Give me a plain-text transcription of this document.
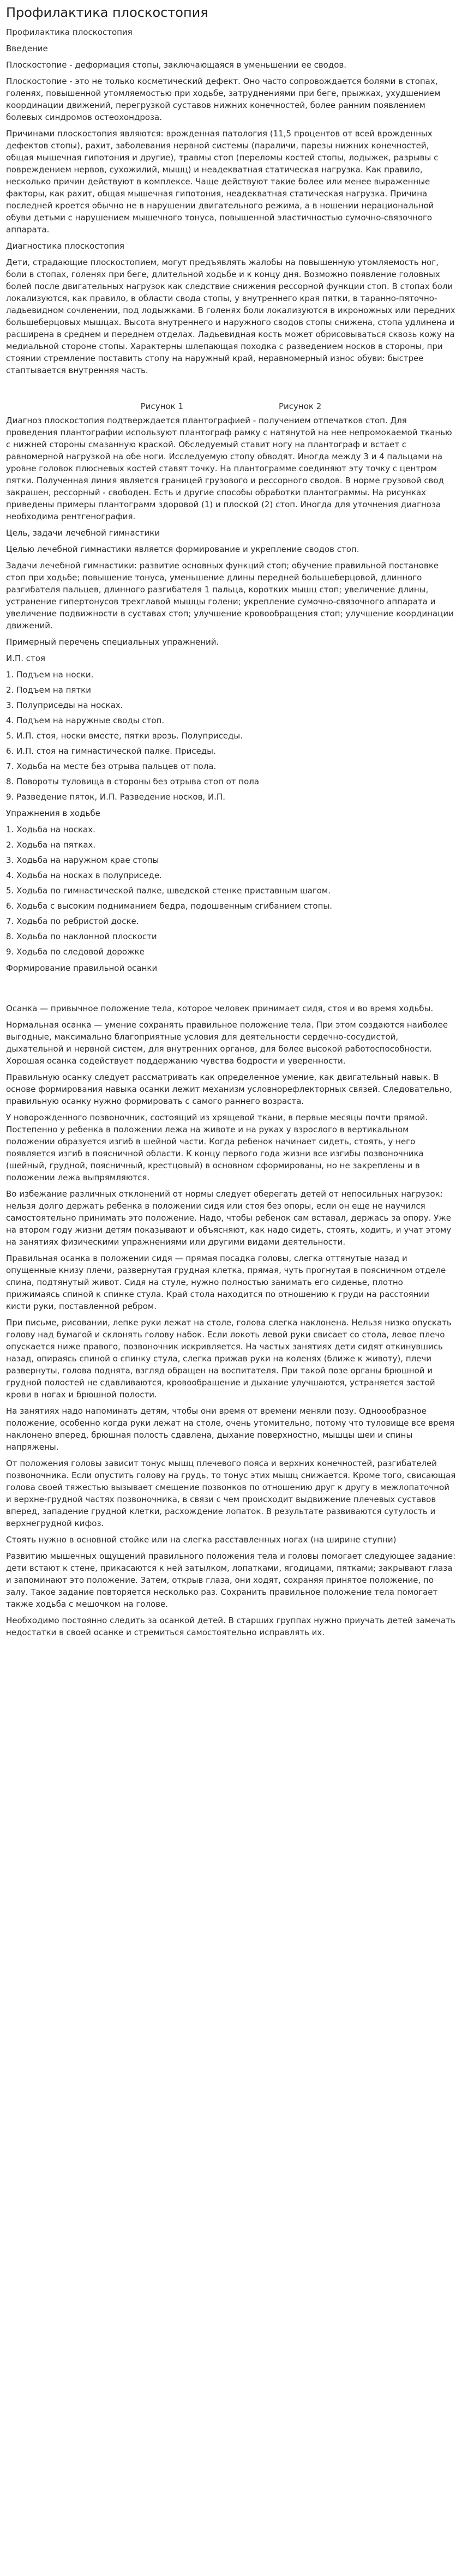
Профилактика плоскостопия

Профилактика плоскостопия

Введение

Плоскостопие - деформация стопы, заключающаяся в уменьшении ее сводов.

Плоскостопие - это не только косметический дефект. Оно часто сопровождается болями в стопах, голенях, повышенной утомляемостью при ходьбе, затруднениями при беге, прыжках, ухудшением координации движений, перегрузкой суставов нижних конечностей, более ранним появлением болевых синдромов остеохондроза.

Причинами плоскостопия являются: врожденная патология (11,5 процентов от всей врожденных дефектов стопы), рахит, заболевания нервной системы (параличи, парезы нижних конечностей, общая мышечная гипотония и другие), травмы стоп (переломы костей стопы, лодыжек, разрывы с повреждением нервов, сухожилий, мышц) и неадекватная статическая нагрузка. Как правило, несколько причин действуют в комплексе. Чаще действуют такие более или менее выраженные факторы, как рахит, общая мышечная гипотония, неадекватная статическая нагрузка. Причина последней кроется обычно не в нарушении двигательного режима, а в ношении нерациональной обуви детьми с нарушением мышечного тонуса, повышенной эластичностью сумочно-связочного аппарата.

Диагностика плоскостопия

Дети, страдающие плоскостопием, могут предъявлять жалобы на повышенную утомляемость ног, боли в стопах, голенях при беге, длительной ходьбе и к концу дня. Возможно появление головных болей после двигательных нагрузок как следствие снижения рессорной функции стоп. В стопах боли локализуются, как правило, в области свода стопы, у внутреннего края пятки, в таранно-пяточно-ладьевидном сочленении, под лодыжками. В голенях боли локализуются в икроножных или передних большеберцовых мышцах. Высота внутреннего и наружного сводов стопы снижена, стопа удлинена и расширена в среднем и переднем отделах. Ладьевидная кость может обрисовываться сквозь кожу на медиальной стороне стопы. Характерны шлепающая походка с разведением носков в стороны, при стоянии стремление поставить стопу на наружный край, неравномерный износ обуви: быстрее стаптывается внутренняя часть.

Рисунок 1	Рисунок 2

Диагноз плоскостопия подтверждается плантографией - получением отпечатков стоп. Для проведения плантографии используют плантограф рамку с натянутой на нее непромокаемой тканью с нижней стороны смазанную краской. Обследуемый ставит ногу на плантограф и встает с равномерной нагрузкой на обе ноги. Исследуемую стопу обводят. Иногда между 3 и 4 пальцами на уровне головок плюсневых костей ставят точку. На плантограмме соединяют эту точку с центром пятки. Полученная линия является границей грузового и рессорного сводов. В норме грузовой свод закрашен, рессорный - свободен. Есть и другие способы обработки плантограммы. На рисунках приведены примеры плантограмм здоровой (1) и плоской (2) стоп. Иногда для уточнения диагноза необходима рентгенография.

Цель, задачи лечебной гимнастики

Целью лечебной гимнастики является формирование и укрепление сводов стоп.

Задачи лечебной гимнастики: развитие основных функций стоп; обучение правильной постановке стоп при ходьбе; повышение тонуса, уменьшение длины передней большеберцовой, длинного разгибателя пальцев, длинного разгибателя 1 пальца, коротких мышц стоп; увеличение длины, устранение гипертонусов трехглавой мышцы голени; укрепление сумочно-связочного аппарата и увеличение подвижности в суставах стоп; улучшение кровообращения стоп; улучшение координации движений.

Примерный перечень специальных упражнений.

И.П. стоя

1. Подъем на носки.
2. Подъем на пятки
3. Полуприседы на носках.
4. Подъем на наружные своды стоп.
5. И.П. стоя, носки вместе, пятки врозь. Полуприседы.
6. И.П. стоя на гимнастической палке. Приседы.
7. Ходьба на месте без отрыва пальцев от пола.
8. Повороты туловища в стороны без отрыва стоп от пола
9. Разведение пяток, И.П. Разведение носков, И.П.

Упражнения в ходьбе

1. Ходьба на носках.
2. Ходьба на пятках.
3. Ходьба на наружном крае стопы
4. Ходьба на носках в полуприседе.
5. Ходьба по гимнастической палке, шведской стенке приставным шагом.
6. Ходьба с высоким подниманием бедра, подошвенным сгибанием стопы.
7. Ходьба по ребристой доске.
8. Ходьба по наклонной плоскости
9. Ходьба по следовой дорожке

Формирование правильной осанки

Осанка — привычное положение тела, которое человек принимает сидя, стоя и во время ходьбы.

Нормальная осанка — умение сохранять правильное положение тела. При этом создаются наиболее выгодные, максимально благоприятные условия для деятельности сердечно-сосудистой, дыхательной и нервной систем, для внутренних органов, для более высокой работоспособности. Хорошая осанка содействует поддержанию чувства бодрости и уверенности.

Правильную осанку следует рассматривать как определенное умение, как двигательный навык. В основе формирования навыка осанки лежит механизм условнорефлекторных связей. Следовательно, правильную осанку нужно формировать с самого раннего возраста.

У новорожденного позвоночник, состоящий из хрящевой ткани, в первые месяцы почти прямой. Постепенно у ребенка в положении лежа на животе и на руках у взрослого в вертикальном положении образуется изгиб в шейной части. Когда ребенок начинает сидеть, стоять, у него появляется изгиб в поясничной области. К концу первого года жизни все изгибы позвоночника (шейный, грудной, поясничный, крестцовый) в основном сформированы, но не закреплены и в положении лежа выпрямляются.

Во избежание различных отклонений от нормы следует оберегать детей от непосильных нагрузок: нельзя долго держать ребенка в положении сидя или стоя без опоры, если он еще не научился самостоятельно принимать это положение. Надо, чтобы ребенок сам вставал, держась за опору. Уже на втором году жизни детям показывают и объясняют, как надо сидеть, стоять, ходить, и учат этому на занятиях физическими упражнениями или другими видами деятельности.

Правильная осанка в положении сидя — прямая посадка головы, слегка оттянутые назад и опущенные книзу плечи, развернутая грудная клетка, прямая, чуть прогнутая в поясничном отделе спина, подтянутый живот. Сидя на стуле, нужно полностью занимать его сиденье, плотно прижимаясь спиной к спинке стула. Край стола находится по отношению к груди на расстоянии кисти руки, поставленной ребром.

При письме, рисовании, лепке руки лежат на столе, голова слегка наклонена. Нельзя низко опускать голову над бумагой и склонять голову набок. Если локоть левой руки свисает со стола, левое плечо опускается ниже правого, позвоночник искривляется. На частых занятиях дети сидят откинувшись назад, опираясь спиной о спинку стула, слегка прижав руки на коленях (ближе к животу), плечи развернуты, голова поднята, взгляд обращен на воспитателя. При такой позе органы брюшной и грудной полостей не сдавливаются, кровообращение и дыхание улучшаются, устраняется застой крови в ногах и брюшной полости.

На занятиях надо напоминать детям, чтобы они время от времени меняли позу. Одноообразное положение, особенно когда руки лежат на столе, очень утомительно, потому что туловище все время наклонено вперед, брюшная полость сдавлена, дыхание поверхностно, мышцы шеи и спины напряжены.

От положения головы зависит тонус мышц плечевого пояса и верхних конечностей, разгибателей позвоночника. Если опустить голову на грудь, то тонус этих мышц снижается. Кроме того, свисающая голова своей тяжестью вызывает смещение позвонков по отношению друг к другу в межлопаточной и верхне-грудной частях позвоночника, в связи с чем происходит выдвижение плечевых суставов вперед, западение грудной клетки, расхождение лопаток. В результате развиваются сутулость и верхнегрудной кифоз.

Стоять нужно в основной стойке или на слегка расставленных ногах (на ширине ступни)

Развитию мышечных ощущений правильного положения тела и головы помогает следующее задание: дети встают к стене, прикасаются к ней затылком, лопатками, ягодицами, пятками; закрывают глаза и запоминают это положение. Затем, открыв глаза, они ходят, сохраняя принятое положение, по залу. Такое задание повторяется несколько раз. Сохранить правильное положение тела помогает также ходьба с мешочком на голове.

Необходимо постоянно следить за осанкой детей. В старших группах нужно приучать детей замечать недостатки в своей осанке и стремиться самостоятельно исправлять их.
